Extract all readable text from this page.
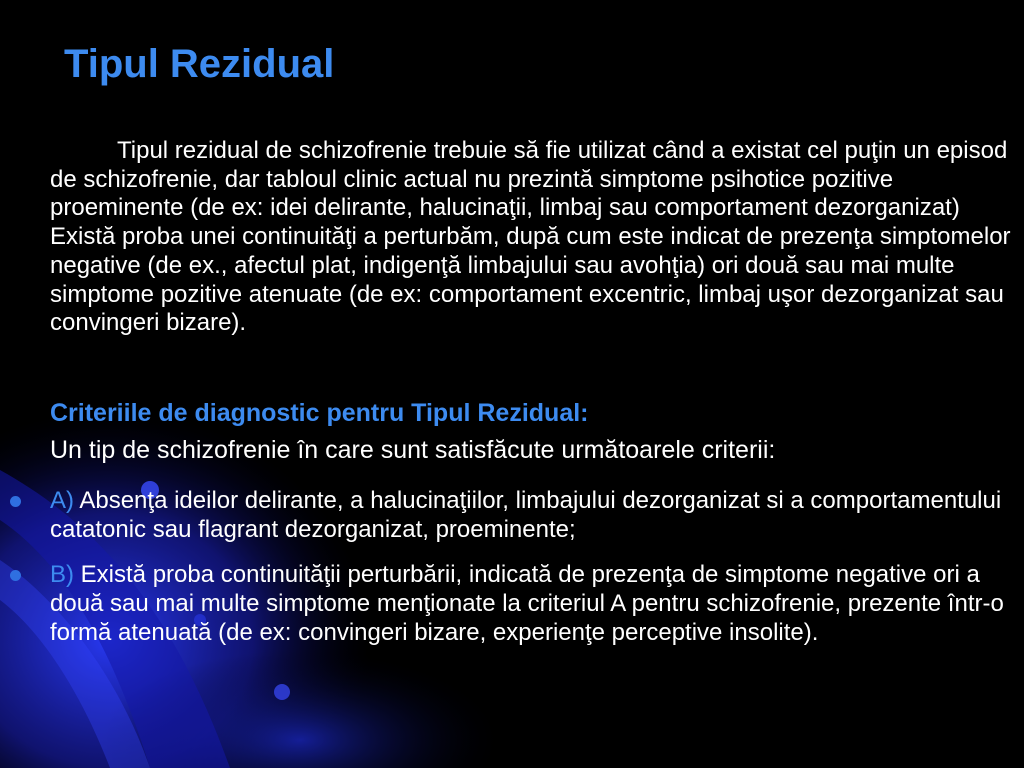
Tipul Rezidual

Tipul rezidual de schizofrenie trebuie să fie utilizat când a existat cel puţin un episod de schizofrenie, dar tabloul clinic actual nu prezintă simptome psihotice pozitive proeminente (de ex: idei delirante, halucinaţii, limbaj sau comportament dezorganizat) Există proba unei continuităţi a perturbăm, după cum este indicat de prezenţa simptomelor negative (de ex., afectul plat, indigenţă limbajului sau avohţia) ori două sau mai multe simptome pozitive atenuate (de ex: comportament excentric, limbaj uşor dezorganizat sau convingeri bizare).

Criteriile de diagnostic pentru Tipul Rezidual:

Un tip de schizofrenie în care sunt satisfăcute următoarele criterii:

A) Absenţa ideilor delirante, a halucinaţiilor, limbajului dezorganizat si a comportamentului catatonic sau flagrant dezorganizat, proeminente;
B) Există proba continuităţii perturbării, indicată de prezenţa de simptome negative ori a două sau mai multe simptome menţionate la criteriul A pentru schizofrenie, prezente într-o formă atenuată (de ex: convingeri bizare, experienţe perceptive insolite).
